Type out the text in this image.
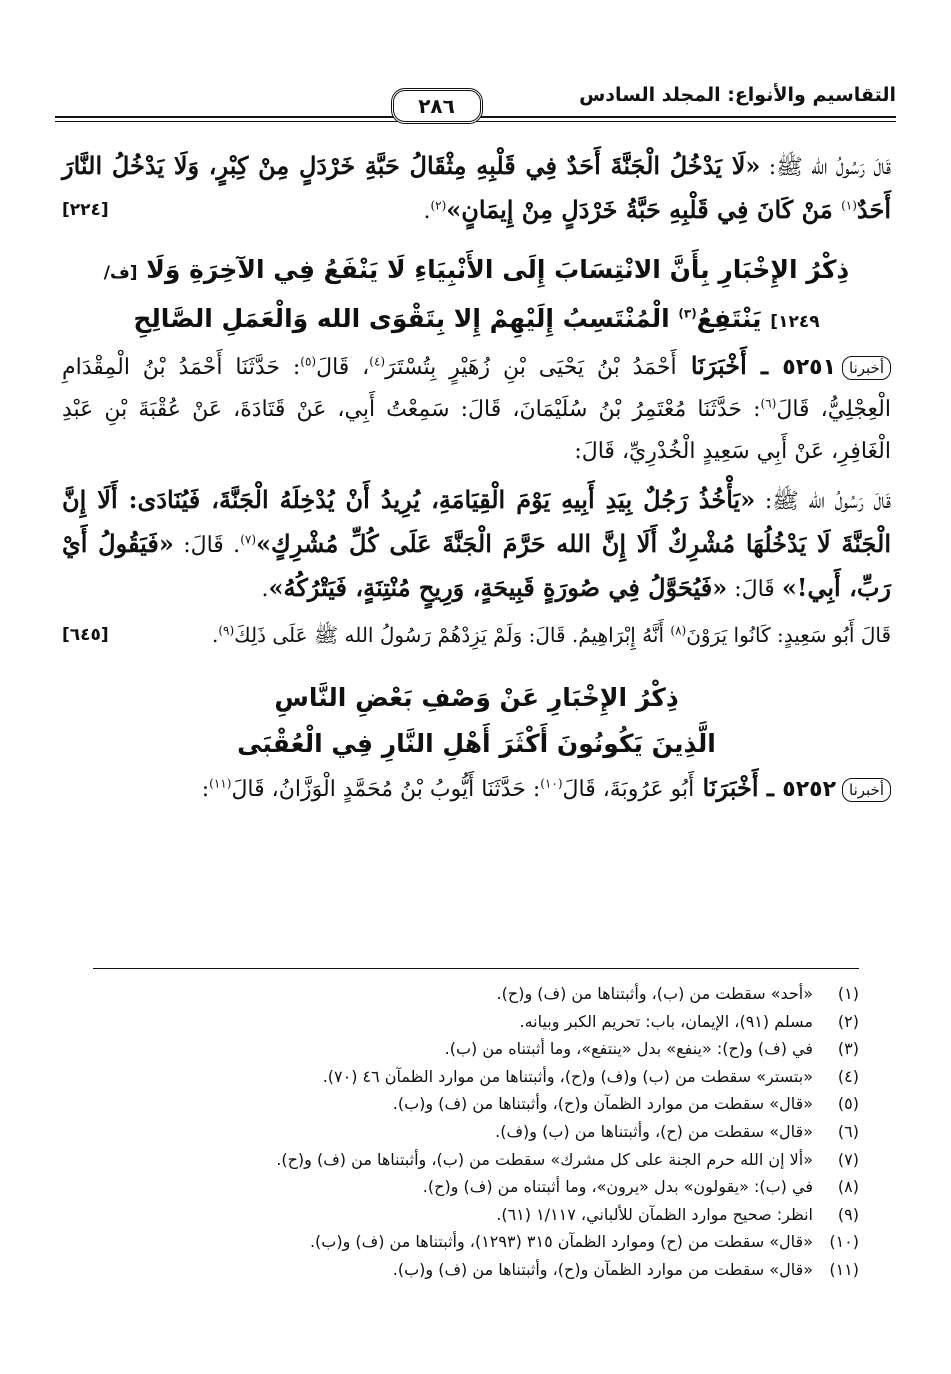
التقاسيم والأنواع: المجلد السادس
٢٨٦

قَالَ رَسُولُ الله ﷺ: «لَا يَدْخُلُ الْجَنَّةَ أَحَدٌ فِي قَلْبِهِ مِثْقَالُ حَبَّةِ خَرْدَلٍ مِنْ كِبْرٍ، وَلَا يَدْخُلُ النَّارَ أَحَدٌ$^{(١)}$ مَنْ كَانَ فِي قَلْبِهِ حَبَّةُ خَرْدَلٍ مِنْ إِيمَانٍ»$^{(٢)}$.
[٢٢٤]

ذِكْرُ الإِخْبَارِ بِأَنَّ الانْتِسَابَ إِلَى الأَنْبِيَاءِ لَا يَنْفَعُ فِي الآخِرَةِ وَلَا [ف/
١٢٤٩] يَنْتَفِعُ$^{(٣)}$ الْمُنْتَسِبُ إِلَيْهِمْ إِلا بِتَقْوَى الله وَالْعَمَلِ الصَّالِحِ

أخبرنا٥٢٥١ ـ أَخْبَرَنَا أَحْمَدُ بْنُ يَحْيَى بْنِ زُهَيْرٍ بِتُسْتَرَ$^{(٤)}$، قَالَ$^{(٥)}$: حَدَّثَنَا أَحْمَدُ بْنُ الْمِقْدَامِ الْعِجْلِيُّ، قَالَ$^{(٦)}$: حَدَّثَنَا مُعْتَمِرُ بْنُ سُلَيْمَانَ، قَالَ: سَمِعْتُ أَبِي، عَنْ قَتَادَةَ، عَنْ عُقْبَةَ بْنِ عَبْدِ الْغَافِرِ، عَنْ أَبِي سَعِيدٍ الْخُدْرِيِّ، قَالَ:

قَالَ رَسُولُ الله ﷺ: «يَأْخُذُ رَجُلٌ بِيَدِ أَبِيهِ يَوْمَ الْقِيَامَةِ، يُرِيدُ أَنْ يُدْخِلَهُ الْجَنَّةَ، فَيُنَادَى: أَلَا إِنَّ الْجَنَّةَ لَا يَدْخُلُهَا مُشْرِكٌ أَلَا إِنَّ الله حَرَّمَ الْجَنَّةَ عَلَى كُلِّ مُشْرِكٍ»$^{(٧)}$. قَالَ: «فَيَقُولُ أَيْ رَبِّ، أَبِي!» قَالَ: «فَيُحَوَّلُ فِي صُورَةٍ قَبِيحَةٍ، وَرِيحٍ مُنْتِنَةٍ، فَيَتْرُكُهُ».

قَالَ أَبُو سَعِيدٍ: كَانُوا يَرَوْنَ$^{(٨)}$ أَنَّهُ إِبْرَاهِيمُ. قَالَ: وَلَمْ يَزِدْهُمْ رَسُولُ الله ﷺ عَلَى ذَلِكَ$^{(٩)}$.
[٦٤٥]

ذِكْرُ الإِخْبَارِ عَنْ وَصْفِ بَعْضِ النَّاسِ
الَّذِينَ يَكُونُونَ أَكْثَرَ أَهْلِ النَّارِ فِي الْعُقْبَى

أخبرنا٥٢٥٢ ـ أَخْبَرَنَا أَبُو عَرُوبَةَ، قَالَ$^{(١٠)}$: حَدَّثَنَا أَيُّوبُ بْنُ مُحَمَّدٍ الْوَزَّانُ، قَالَ$^{(١١)}$:

(١)«أحد» سقطت من (ب)، وأثبتناها من (ف) و(ح).
(٢)مسلم (٩١)، الإيمان، باب: تحريم الكبر وبيانه.
(٣)في (ف) و(ح): «ينفع» بدل «ينتفع»، وما أثبتناه من (ب).
(٤)«بتستر» سقطت من (ب) و(ف) و(ح)، وأثبتناها من موارد الظمآن ٤٦ (٧٠).
(٥)«قال» سقطت من موارد الظمآن و(ح)، وأثبتناها من (ف) و(ب).
(٦)«قال» سقطت من (ح)، وأثبتناها من (ب) و(ف).
(٧)«ألا إن الله حرم الجنة على كل مشرك» سقطت من (ب)، وأثبتناها من (ف) و(ح).
(٨)في (ب): «يقولون» بدل «يرون»، وما أثبتناه من (ف) و(ح).
(٩)انظر: صحيح موارد الظمآن للألباني، ١/١١٧ (٦١).
(١٠)«قال» سقطت من (ح) وموارد الظمآن ٣١٥ (١٢٩٣)، وأثبتناها من (ف) و(ب).
(١١)«قال» سقطت من موارد الظمآن و(ح)، وأثبتناها من (ف) و(ب).
